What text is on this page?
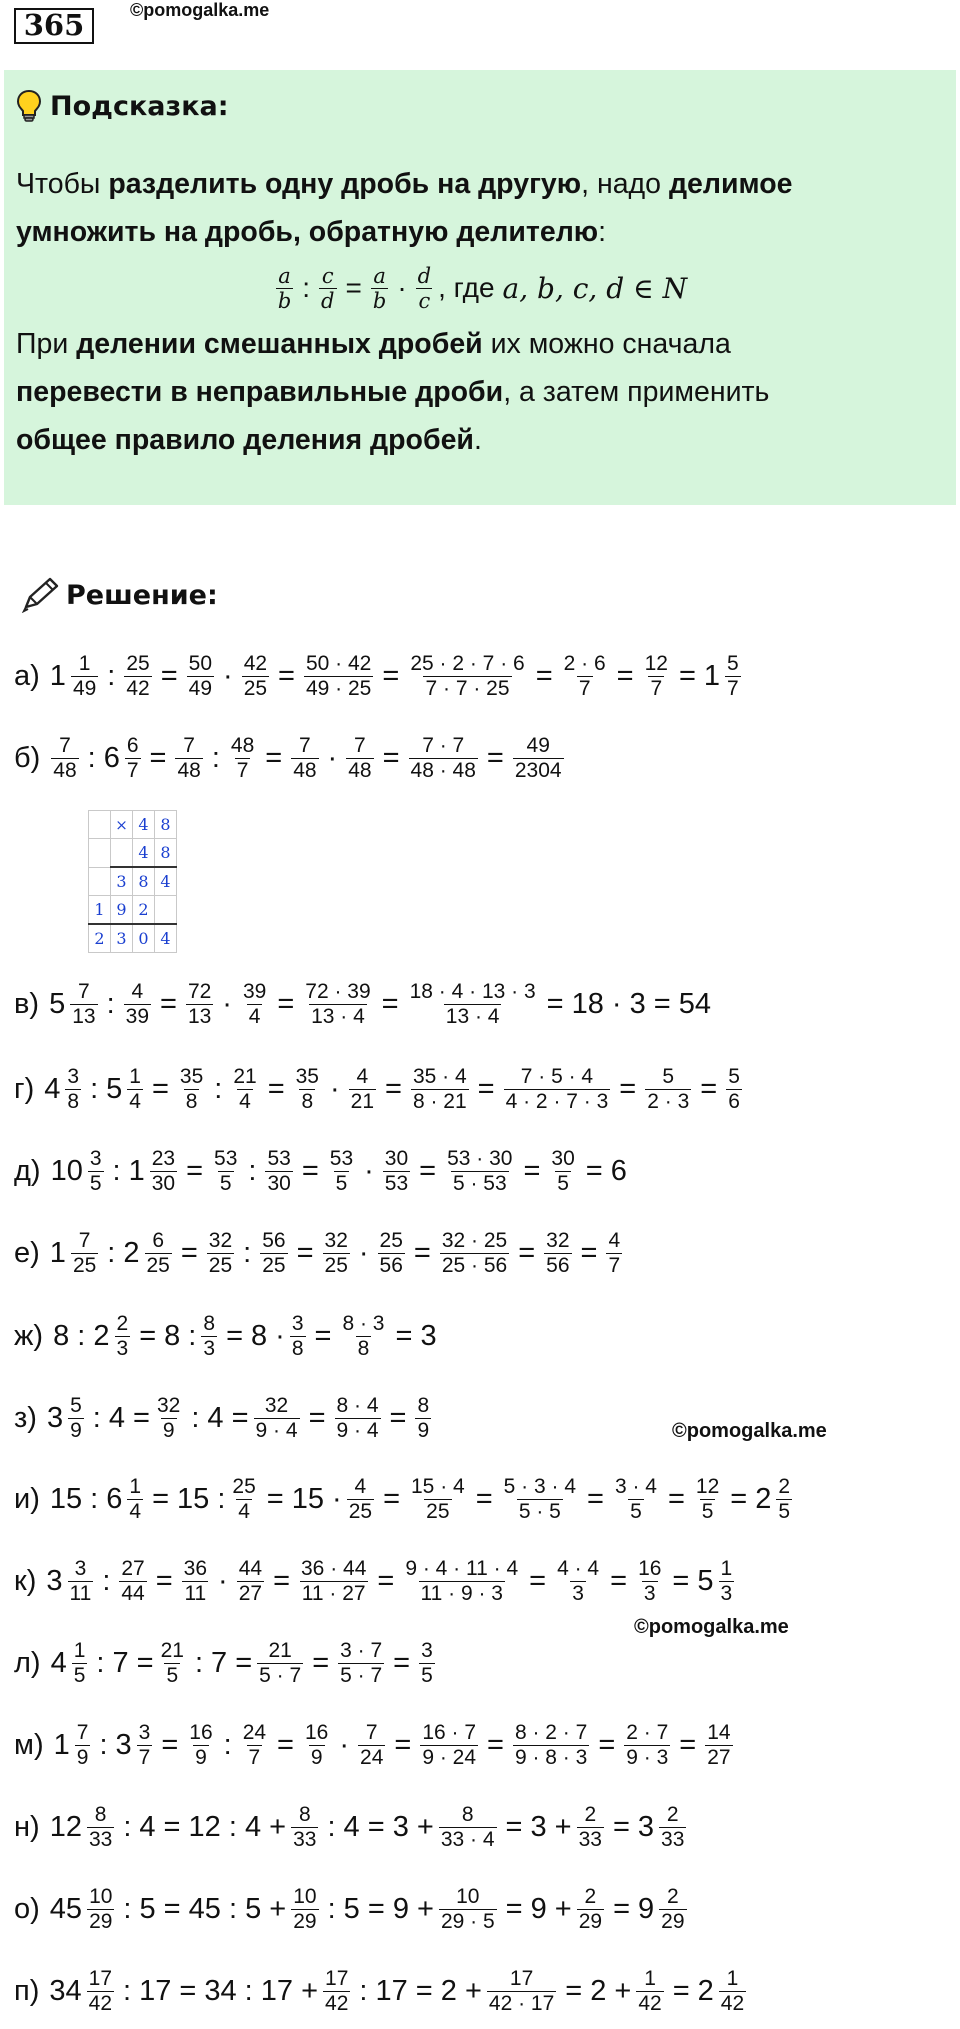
365	©pomogalka.me
Подсказка:

Чтобы разделить одну дробь на другую, надо делимое

умножить на дробь, обратную делителю:

a
b : $\frac{c}{d} = \frac{a}{b} \cdot d$
c , где a, b, c, d ∈ N

При делении смешанных дробей их можно сначала

перевести в неправильные дроби, а затем применить

общее правило деления дробей.

Решение:
а) 1 1
49 : $\frac{25}{42} = \frac{50}{49} \cdot \frac{42}{25} = \frac{50 \cdot 42}{49 \cdot 25} = \frac{25 \cdot 2 \cdot 7 \cdot 6}{7 \cdot 7 \cdot 25} = \frac{2 \cdot 6}{7} = \frac{12}{7} = 1$ 5
7
б) 7
48 : $6 \frac{6}{7} = \frac{7}{48}$ : $\frac{48}{7} = \frac{7}{48} \cdot \frac{7}{48} = \frac{7 \cdot 7}{48 \cdot 48} = \frac{49}{2304}$
в) 5 7
13 : $\frac{4}{39} = \frac{72}{13} \cdot \frac{39}{4} = \frac{72 \cdot 39}{13 \cdot 4} = \frac{18 \cdot 4 \cdot 13 \cdot 3}{13 \cdot 4} = 18 \cdot 3 = 54$
г) 4 3
8 : $5 \frac{1}{4} = \frac{35}{8}$ : $\frac{21}{4} = \frac{35}{8} \cdot \frac{4}{21} = \frac{35 \cdot 4}{8 \cdot 21} = \frac{7 \cdot 5 \cdot 4}{4 \cdot 2 \cdot 7 \cdot 3} = \frac{5}{2 \cdot 3} = \frac{5}{6}$
д) 10 3
5 : $1 \frac{23}{30} = \frac{53}{5}$ : $\frac{53}{30} = \frac{53}{5} \cdot \frac{30}{53} = \frac{53 \cdot 30}{5 \cdot 53} = \frac{30}{5} = 6$
е) 1 7
25 : $2 \frac{6}{25} = \frac{32}{25}$ : $\frac{56}{25} = \frac{32}{25} \cdot \frac{25}{56} = \frac{32 \cdot 25}{25 \cdot 56} = \frac{32}{56} = \frac{4}{7}$
ж) 8 : $2 \frac{2}{3} = 8$ : $\frac{8}{3} = 8 \cdot \frac{3}{8} = \frac{8 \cdot 3}{8} = 3$
з) 3 5
9 : $4 = \frac{32}{9}$ : $4 = \frac{32}{9 \cdot 4} = \frac{8 \cdot 4}{9 \cdot 4} = \frac{8}{9}$
и) 15 : $6 \frac{1}{4} = 15$ : $\frac{25}{4} = 15 \cdot \frac{4}{25} = \frac{15 \cdot 4}{25} = \frac{5 \cdot 3 \cdot 4}{5 \cdot 5} = \frac{3 \cdot 4}{5} = \frac{12}{5} = 2$ 2
5
к) 3 3
11 : $\frac{27}{44} = \frac{36}{11} \cdot \frac{44}{27} = \frac{36 \cdot 44}{11 \cdot 27} = \frac{9 \cdot 4 \cdot 11 \cdot 4}{11 \cdot 9 \cdot 3} = \frac{4 \cdot 4}{3} = \frac{16}{3} = 5$ 1
3
л) 4 1
5 : $7 = \frac{21}{5}$ : $7 = \frac{21}{5 \cdot 7} = \frac{3 \cdot 7}{5 \cdot 7} = \frac{3}{5}$
м) 1 7
9 : $3 \frac{3}{7} = \frac{16}{9}$ : $\frac{24}{7} = \frac{16}{9} \cdot \frac{7}{24} = \frac{16 \cdot 7}{9 \cdot 24} = \frac{8 \cdot 2 \cdot 7}{9 \cdot 8 \cdot 3} = \frac{2 \cdot 7}{9 \cdot 3} = \frac{14}{27}$
н) 12 8
33 : 4 = 12 : $4 + \frac{8}{33}$ : $4 = 3 + \frac{8}{33 \cdot 4} = 3 + \frac{2}{33} = 3$ 2
33
о) 45 10
29 : 5 = 45 : $5 + \frac{10}{29}$ : $5 = 9 + \frac{10}{29 \cdot 5} = 9 + \frac{2}{29} = 9$ 2
29
п) 34 17
42 : 17 = 34 : $17 + \frac{17}{42}$ : $17 = 2 + \frac{17}{42 \cdot 17} = 2 + \frac{1}{42} = 2$ 1
42
	×	4	8
		4	8
	3	8	4
1	9	2	
2	3	0	4
©pomogalka.me
©pomogalka.me
